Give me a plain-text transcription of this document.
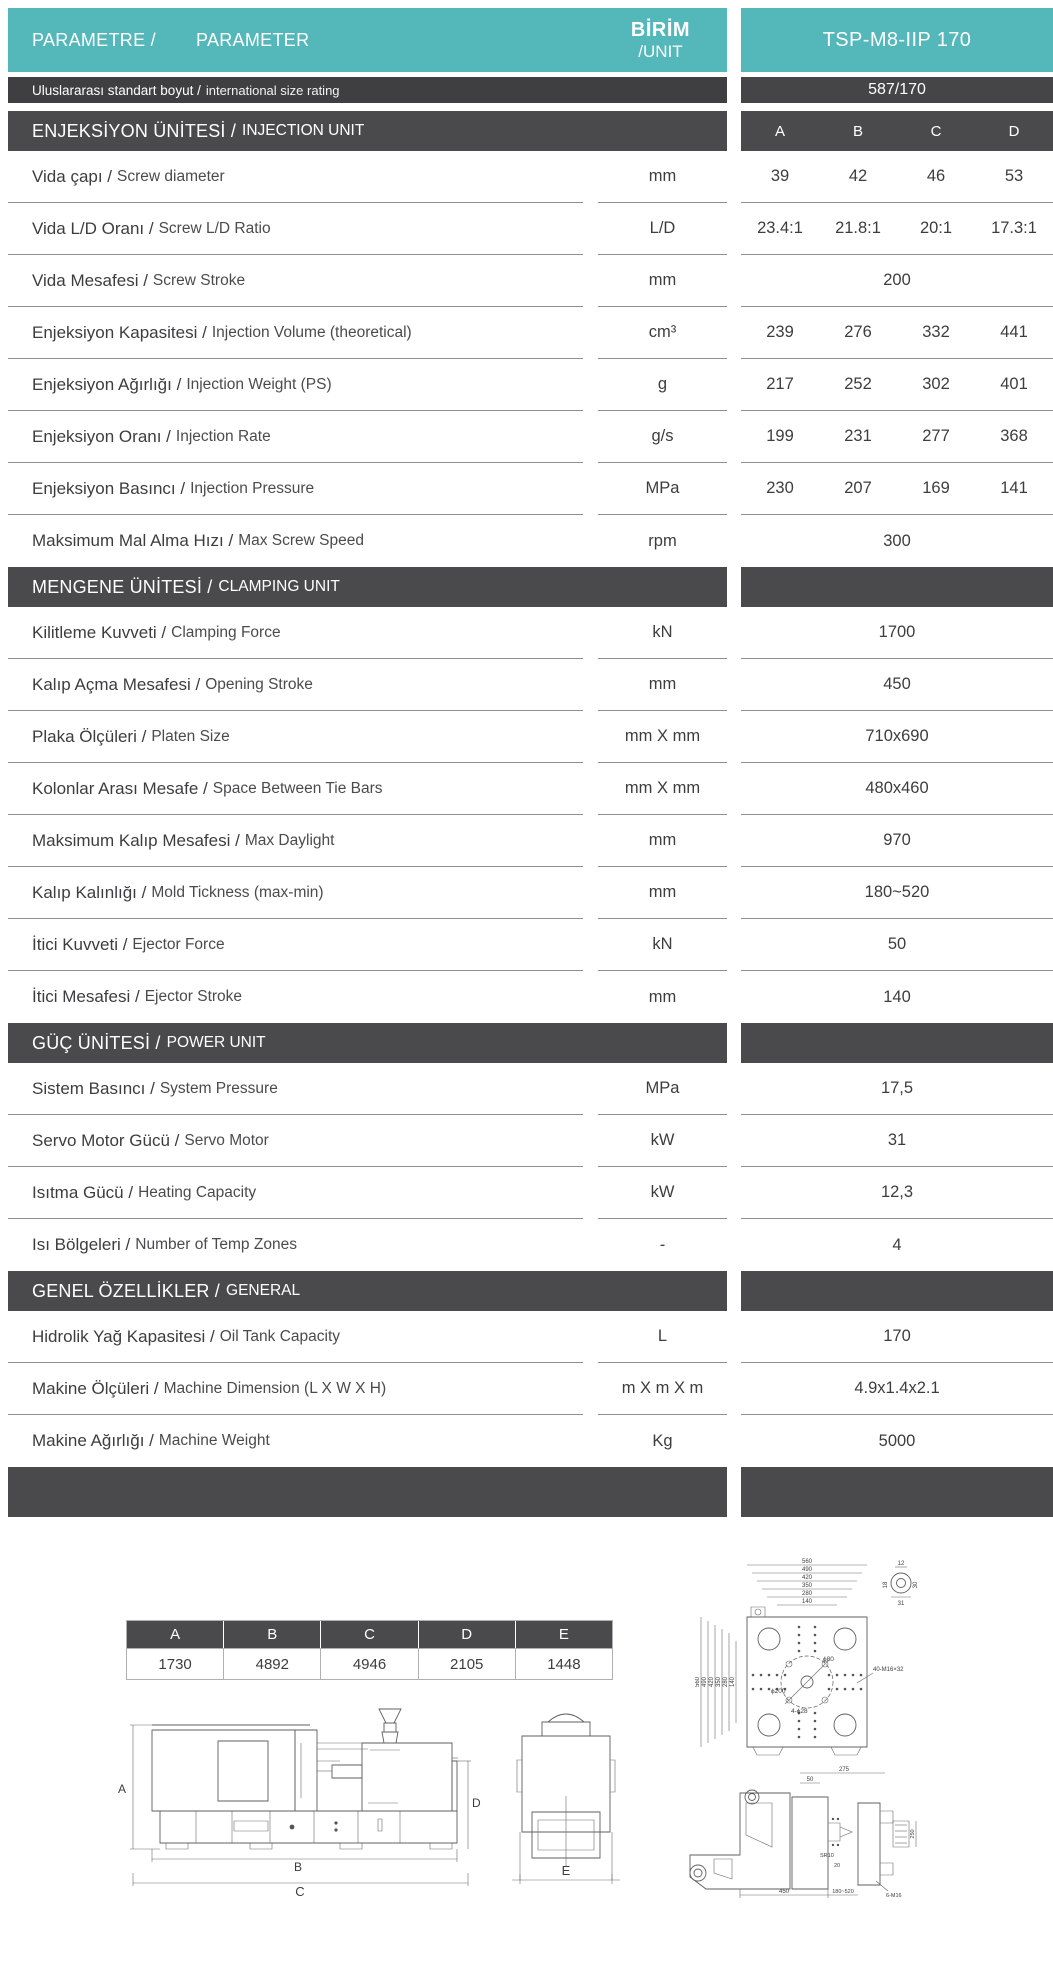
PARAMETRE / PARAMETER	BİRİM
/UNIT
TSP-M8-IIP 170
Uluslararası standart boyut / international size rating	587/170
ENJEKSİYON ÜNİTESİ / INJECTION UNIT	A	B	C	D
Vida çapı / Screw diameter	mm	39	42	46	53
Vida L/D Oranı / Screw L/D Ratio	L/D	23.4:1	21.8:1	20:1	17.3:1
Vida Mesafesi / Screw Stroke	mm	200
Enjeksiyon Kapasitesi / Injection Volume (theoretical)	cm³	239	276	332	441
Enjeksiyon Ağırlığı / Injection Weight (PS)	g	217	252	302	401
Enjeksiyon Oranı / Injection Rate	g/s	199	231	277	368
Enjeksiyon Basıncı / Injection Pressure	MPa	230	207	169	141
Maksimum Mal Alma Hızı / Max Screw Speed	rpm	300
MENGENE ÜNİTESİ / CLAMPING UNIT
Kilitleme Kuvveti / Clamping Force	kN	1700
Kalıp Açma Mesafesi / Opening Stroke	mm	450
Plaka Ölçüleri / Platen Size	mm X mm	710x690
Kolonlar Arası Mesafe / Space Between Tie Bars	mm X mm	480x460
Maksimum Kalıp Mesafesi / Max Daylight	mm	970
Kalıp Kalınlığı / Mold Tickness (max-min)	mm	180~520
İtici Kuvveti / Ejector Force	kN	50
İtici Mesafesi / Ejector Stroke	mm	140
GÜÇ ÜNİTESİ / POWER UNIT
Sistem Basıncı / System Pressure	MPa	17,5
Servo Motor Gücü / Servo Motor	kW	31
Isıtma Gücü / Heating Capacity	kW	12,3
Isı Bölgeleri / Number of Temp Zones	-	4
GENEL ÖZELLİKLER / GENERAL
Hidrolik Yağ Kapasitesi / Oil Tank Capacity	L	170
Makine Ölçüleri / Machine Dimension (L X W X H)	m X m X m	4.9x1.4x2.1
Makine Ağırlığı / Machine Weight	Kg	5000
A	B	C	D	E
1730	4892	4946	2105	1448
A
D
B
C
E
560
490
420
350
280
140
560 490 420 350 280 140
ϕ80
ϕ200
4-ϕ28
40-M16×32
12
18
31
30
275
50
SR10
20
250
6-M16
450	180~520
